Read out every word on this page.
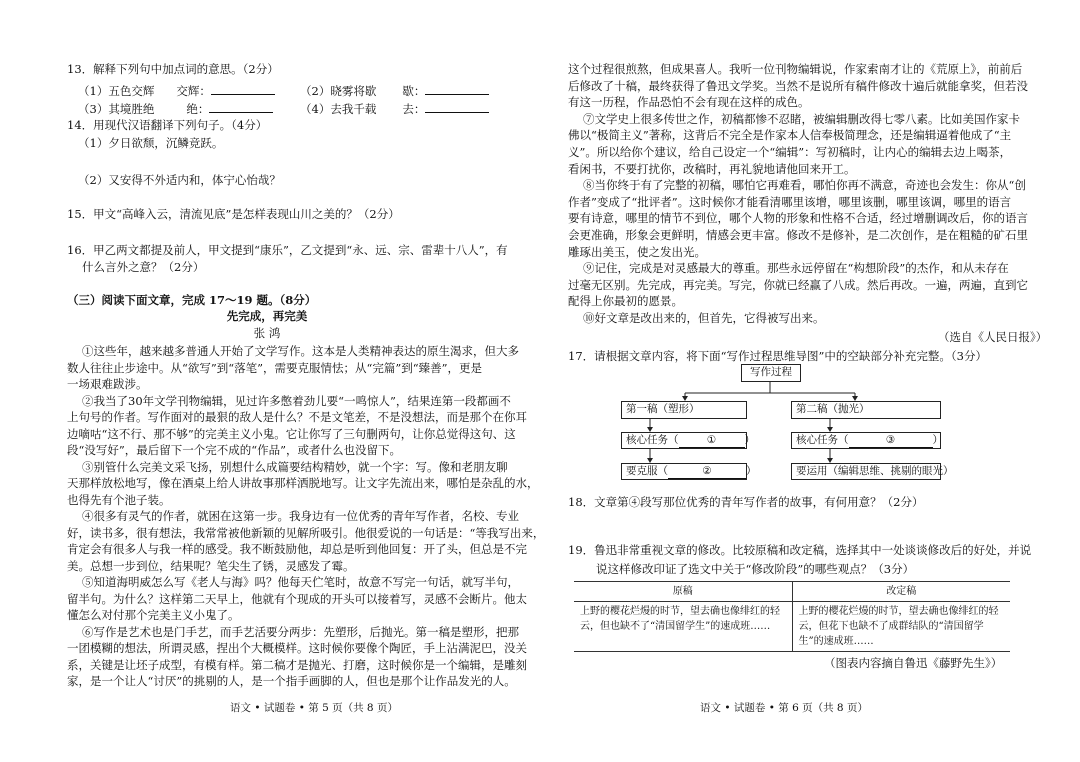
13．解释下列句中加点词的意思。（2分）
（1）五色交辉 交辉：	（2）晓雾将歇 歇：
（3）其境胜绝	绝：	（4）去我千载 去：
14．用现代汉语翻译下列句子。（4分）
（1）夕日欲颓，沉鳞竞跃。
（2）又安得不外适内和，体宁心怡哉？
15．甲文“高峰入云，清流见底”是怎样表现山川之美的？（2分）
16．甲乙两文都提及前人，甲文提到“康乐”，乙文提到“永、远、宗、雷辈十八人”，有
什么言外之意？（2分）
（三）阅读下面文章，完成 17～19 题。（8分）
先完成，再完美
张 鸿
①这些年，越来越多普通人开始了文学写作。这本是人类精神表达的原生渴求，但大多
数人往往止步途中。从“欲写”到“落笔”，需要克服情怯；从“完篇”到“臻善”，更是
一场艰难跋涉。
②我当了30年文学刊物编辑，见过许多憋着劲儿要“一鸣惊人”，结果连第一段都画不
上句号的作者。写作面对的最狠的敌人是什么？不是文笔差，不是没想法，而是那个在你耳
边嘀咕“这不行、那不够”的完美主义小鬼。它让你写了三句删两句，让你总觉得这句、这
段“没写好”，最后留下一个完不成的“作品”，或者什么也没留下。
③别管什么完美文采飞扬，别想什么成篇要结构精妙，就一个字：写。像和老朋友聊
天那样放松地写，像在酒桌上给人讲故事那样洒脱地写。让文字先流出来，哪怕是杂乱的水，
也得先有个池子装。
④很多有灵气的作者，就困在这第一步。我身边有一位优秀的青年写作者，名校、专业
好，读书多，很有想法，我常常被他新颖的见解所吸引。他很爱说的一句话是：“等我写出来，
肯定会有很多人与我一样的感受。我不断鼓励他，却总是听到他回复：开了头，但总是不完
美。总想一步到位，结果呢？笔尖生了锈，灵感发了霉。
⑤知道海明威怎么写《老人与海》吗？他每天伫笔时，故意不写完一句话，就写半句，
留半句。为什么？这样第二天早上，他就有个现成的开头可以接着写，灵感不会断片。他太
懂怎么对付那个完美主义小鬼了。
⑥写作是艺术也是门手艺，而手艺活要分两步：先塑形，后抛光。第一稿是塑形，把那
一团模糊的想法，所谓灵感，捏出个大概模样。这时候你要像个陶匠，手上沾满泥巴，没关
系，关键是让坯子成型，有模有样。第二稿才是抛光、打磨，这时候你是一个编辑，是雕刻
家，是一个让人“讨厌”的挑剔的人，是一个指手画脚的人，但也是那个让作品发光的人。
语文 • 试题卷 • 第 5 页（共 8 页）
这个过程很煎熬，但成果喜人。我听一位刊物编辑说，作家索南才让的《荒原上》，前前后
后修改了十稿，最终获得了鲁迅文学奖。当然不是说所有稿件修改十遍后就能拿奖，但若没
有这一历程，作品恐怕不会有现在这样的成色。
⑦文学史上很多传世之作，初稿都惨不忍睹，被编辑删改得七零八素。比如美国作家卡
佛以“极简主义”著称，这背后不完全是作家本人信奉极简理念，还是编辑逼着他成了“主
义”。所以给你个建议，给自己设定一个“编辑”：写初稿时，让内心的编辑去边上喝茶，
看闲书，不要打扰你，改稿时，再礼貌地请他回来开工。
⑧当你终于有了完整的初稿，哪怕它再难看，哪怕你再不满意，奇迹也会发生：你从“创
作者”变成了“批评者”。这时候你才能看清哪里该增，哪里该删，哪里该调，哪里的语言
要有诗意，哪里的情节不到位，哪个人物的形象和性格不合适，经过增删调改后，你的语言
会更准确，形象会更鲜明，情感会更丰富。修改不是修补，是二次创作，是在粗糙的矿石里
雕琢出美玉，使之发出光。
⑨记住，完成是对灵感最大的尊重。那些永远停留在“构想阶段”的杰作，和从未存在
过毫无区别。先完成，再完美。写完，你就已经赢了八成。然后再改。一遍，两遍，直到它
配得上你最初的愿景。
⑩好文章是改出来的，但首先，它得被写出来。
（选自《人民日报》）
17．请根据文章内容，将下面“写作过程思维导图”中的空缺部分补充完整。（3分）
写作过程
第一稿（塑形）
核心任务（	①	）
要克服（	②	）
第二稿（抛光）
核心任务（	③	）
要运用（编辑思维、挑剔的眼光）
18．文章第④段写那位优秀的青年写作者的故事，有何用意？（2分）
19．鲁迅非常重视文章的修改。比较原稿和改定稿，选择其中一处谈谈修改后的好处，并说
说这样修改印证了选文中关于“修改阶段”的哪些观点？（3分）
（图表内容摘自鲁迅《藤野先生》）
语文 • 试题卷 • 第 6 页（共 8 页）
原稿	改定稿
上野的樱花烂熳的时节，望去确也像绯红的轻云，但也缺不了“清国留学生”的速成班……	上野的樱花烂熳的时节，望去确也像绯红的轻云，但花下也缺不了成群结队的“清国留学生”的速成班……
